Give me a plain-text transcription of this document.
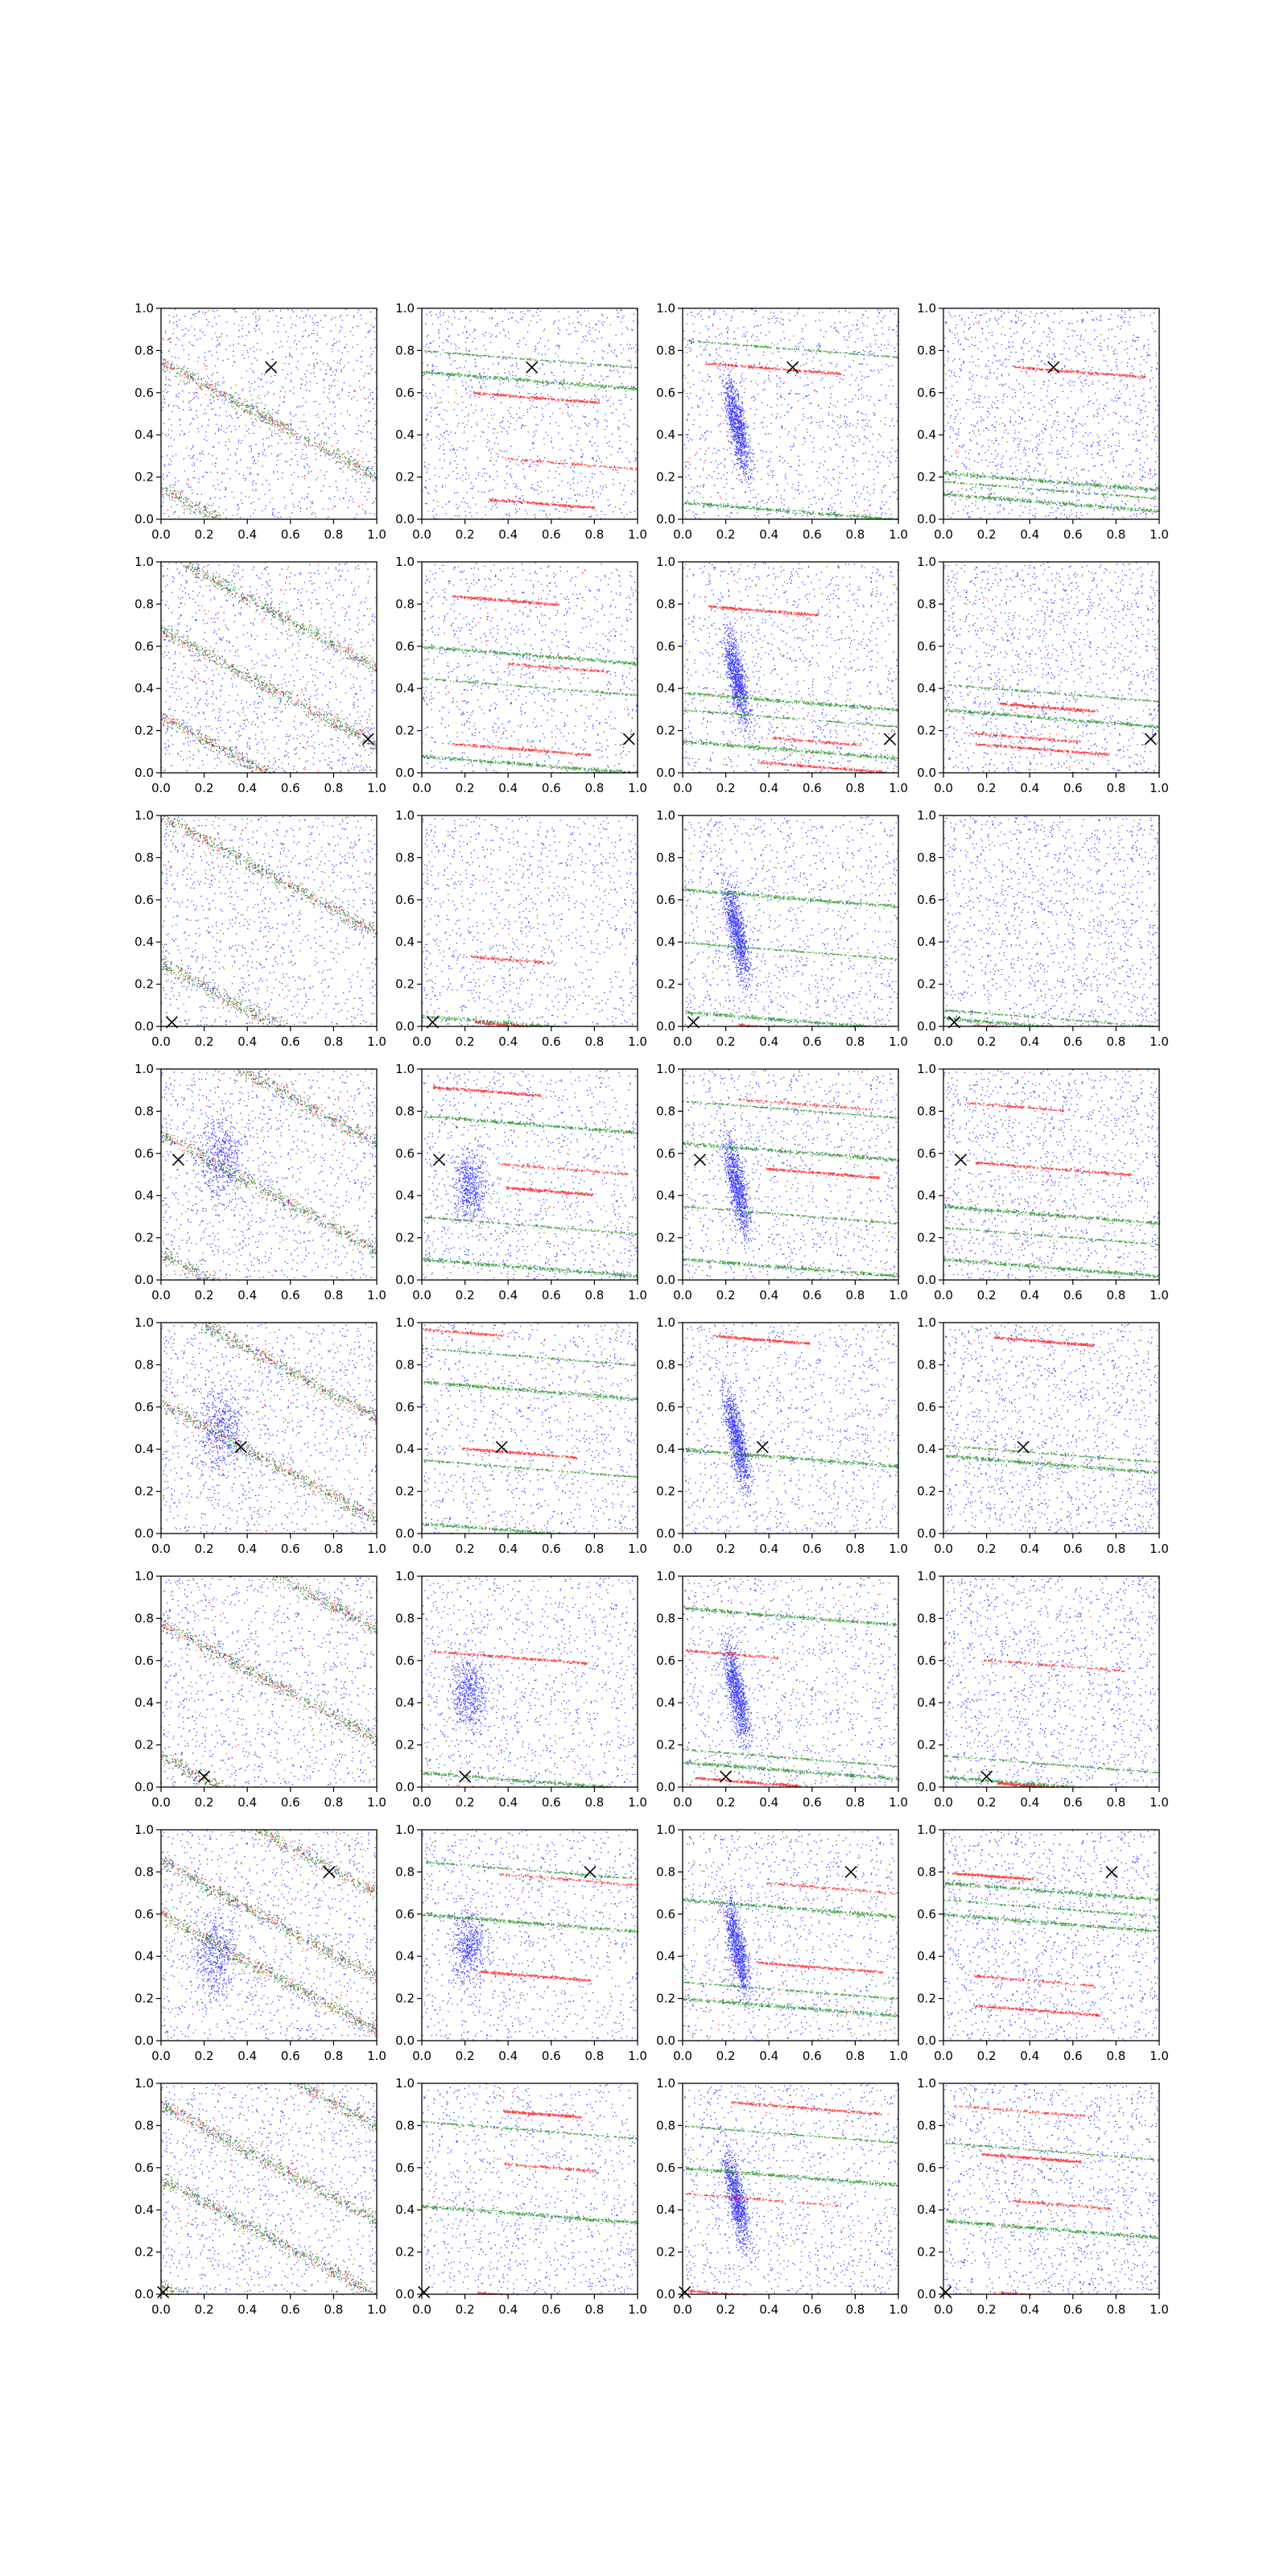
0.0 0.2 0.4 0.6 0.8 1.0
0.0
0.2
0.4
0.6
0.8
1.0
0.0 0.2 0.4 0.6 0.8 1.0
0.0
0.2
0.4
0.6
0.8
1.0
0.0 0.2 0.4 0.6 0.8 1.0
0.0
0.2
0.4
0.6
0.8
1.0
0.0 0.2 0.4 0.6 0.8 1.0
0.0
0.2
0.4
0.6
0.8
1.0
0.0 0.2 0.4 0.6 0.8 1.0
0.0
0.2
0.4
0.6
0.8
1.0
0.0 0.2 0.4 0.6 0.8 1.0
0.0
0.2
0.4
0.6
0.8
1.0
0.0 0.2 0.4 0.6 0.8 1.0
0.0
0.2
0.4
0.6
0.8
1.0
0.0 0.2 0.4 0.6 0.8 1.0
0.0
0.2
0.4
0.6
0.8
1.0
0.0 0.2 0.4 0.6 0.8 1.0
0.0
0.2
0.4
0.6
0.8
1.0
0.0 0.2 0.4 0.6 0.8 1.0
0.0
0.2
0.4
0.6
0.8
1.0
0.0 0.2 0.4 0.6 0.8 1.0
0.0
0.2
0.4
0.6
0.8
1.0
0.0 0.2 0.4 0.6 0.8 1.0
0.0
0.2
0.4
0.6
0.8
1.0
0.0 0.2 0.4 0.6 0.8 1.0
0.0
0.2
0.4
0.6
0.8
1.0
0.0 0.2 0.4 0.6 0.8 1.0
0.0
0.2
0.4
0.6
0.8
1.0
0.0 0.2 0.4 0.6 0.8 1.0
0.0
0.2
0.4
0.6
0.8
1.0
0.0 0.2 0.4 0.6 0.8 1.0
0.0
0.2
0.4
0.6
0.8
1.0
0.0 0.2 0.4 0.6 0.8 1.0
0.0
0.2
0.4
0.6
0.8
1.0
0.0 0.2 0.4 0.6 0.8 1.0
0.0
0.2
0.4
0.6
0.8
1.0
0.0 0.2 0.4 0.6 0.8 1.0
0.0
0.2
0.4
0.6
0.8
1.0
0.0 0.2 0.4 0.6 0.8 1.0
0.0
0.2
0.4
0.6
0.8
1.0
0.0 0.2 0.4 0.6 0.8 1.0
0.0
0.2
0.4
0.6
0.8
1.0
0.0 0.2 0.4 0.6 0.8 1.0
0.0
0.2
0.4
0.6
0.8
1.0
0.0 0.2 0.4 0.6 0.8 1.0
0.0
0.2
0.4
0.6
0.8
1.0
0.0 0.2 0.4 0.6 0.8 1.0
0.0
0.2
0.4
0.6
0.8
1.0
0.0 0.2 0.4 0.6 0.8 1.0
0.0
0.2
0.4
0.6
0.8
1.0
0.0 0.2 0.4 0.6 0.8 1.0
0.0
0.2
0.4
0.6
0.8
1.0
0.0 0.2 0.4 0.6 0.8 1.0
0.0
0.2
0.4
0.6
0.8
1.0
0.0 0.2 0.4 0.6 0.8 1.0
0.0
0.2
0.4
0.6
0.8
1.0
0.0 0.2 0.4 0.6 0.8 1.0
0.0
0.2
0.4
0.6
0.8
1.0
0.0 0.2 0.4 0.6 0.8 1.0
0.0
0.2
0.4
0.6
0.8
1.0
0.0 0.2 0.4 0.6 0.8 1.0
0.0
0.2
0.4
0.6
0.8
1.0
0.0 0.2 0.4 0.6 0.8 1.0
0.0
0.2
0.4
0.6
0.8
1.0
